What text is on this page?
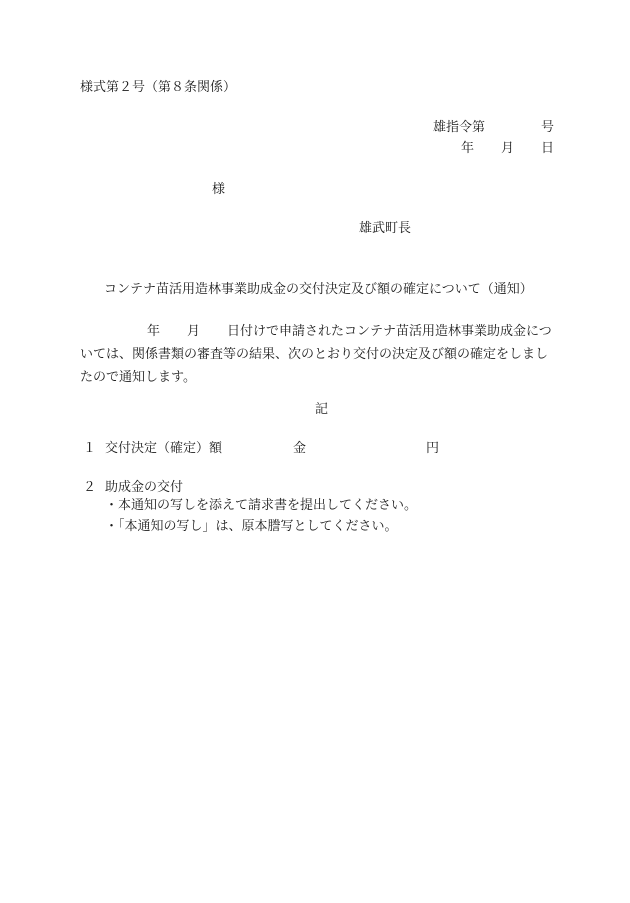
様式第２号（第８条関係）
雄指令第	号
年 月 日
様
雄武町長
コンテナ苗活用造林事業助成金の交付決定及び額の確定について（通知）
年 月 日付けで申請されたコンテナ苗活用造林事業助成金については、関係書類の審査等の結果、次のとおり交付の決定及び額の確定をしましたので通知します。
記
１ 交付決定（確定）額	金	円
２ 助成金の交付
・本通知の写しを添えて請求書を提出してください。
・「本通知の写し」は、原本謄写としてください。
